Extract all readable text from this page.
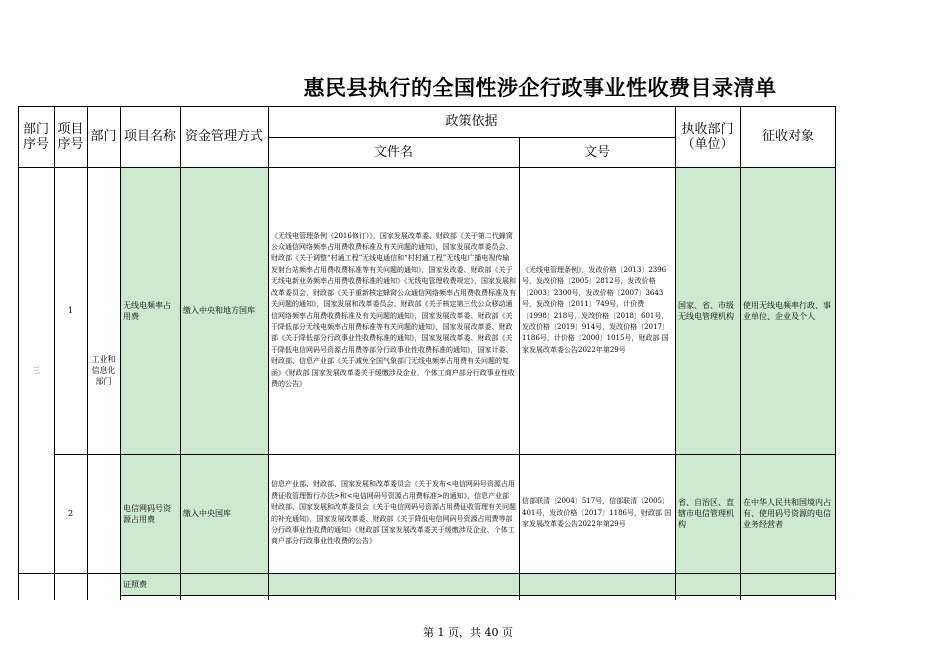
惠民县执行的全国性涉企行政事业性收费目录清单
部门序号
项目序号 部门 项目名称 资金管理方式
政策依据
文件名	文号
执收部门（单位）	征收对象
三
工业和信息化部门
1
无线电频率占用费
缴入中央和地方国库
《无线电管理条例（2016修订）》，国家发展改革委、财政部《关于第二代蜂窝公众通信网络频率占用费收费标准及有关问题的通知》，国家发展改革委员会、财政部《关于调整“村通工程”无线电通信和“村村通工程”无线电广播电视传输发射台站频率占用费收费标准等有关问题的通知》，国家发改委、财政部《关于无线电新业务频率占用费收费标准的通知》《无线电管理收费规定》，国家发展和改革委员会、财政部《关于重新核定蜂窝公众通信网络频率占用费收费标准及有关问题的通知》，国家发展和改革委员会、财政部《关于核定第三代公众移动通信网络频率占用费收费标准及有关问题的通知》，国家发展改革委、财政部《关于降低部分无线电频率占用费标准等有关问题的通知》，国家发展改革委、财政部《关于降低部分行政事业性收费标准的通知》，国家发展改革委、财政部《关于降低电信网码号资源占用费等部分行政事业性收费标准的通知》，国家计委、财政部、信息产业部《关于减免全国气象部门无线电频率占用费有关问题的复函》《财政部 国家发展改革委关于缓缴涉及企业、个体工商户部分行政事业性收费的公告》
《无线电管理条例》，发改价格〔2013〕2396号，发改价格〔2005〕2812号，发改价格〔2003〕2300号，发改价格〔2007〕3643号，发改价格〔2011〕749号，计价费〔1998〕218号，发改价格〔2018〕601号，发改价格〔2019〕914号，发改价格〔2017〕1186号，计价格〔2000〕1015号，财政部 国家发展改革委公告2022年第29号
国家、省、市级无线电管理机构
使用无线电频率行政、事业单位、企业及个人
2
电信网码号资源占用费
缴入中央国库
信息产业部、财政部、国家发展和改革委员会《关于发布<电信网码号资源占用费征收管理暂行办法>和<电信网码号资源占用费标准>的通知》，信息产业部财政部、国家发展和改革委员会《关于电信网码号资源占用费征收管理有关问题的补充通知》，国家发展改革委、财政部《关于降低电信网码号资源占用费等部分行政事业性收费的通知》《财政部 国家发展改革委关于缓缴涉及企业、个体工商户部分行政事业性收费的公告》
信部联清〔2004〕517号，信部联清〔2005〕401号，发改价格〔2017〕1186号，财政部 国家发展改革委公告2022年第29号
省、自治区、直辖市电信管理机构
在中华人民共和国境内占有、使用码号资源的电信业务经营者
证照费
第 1 页，共 40 页
